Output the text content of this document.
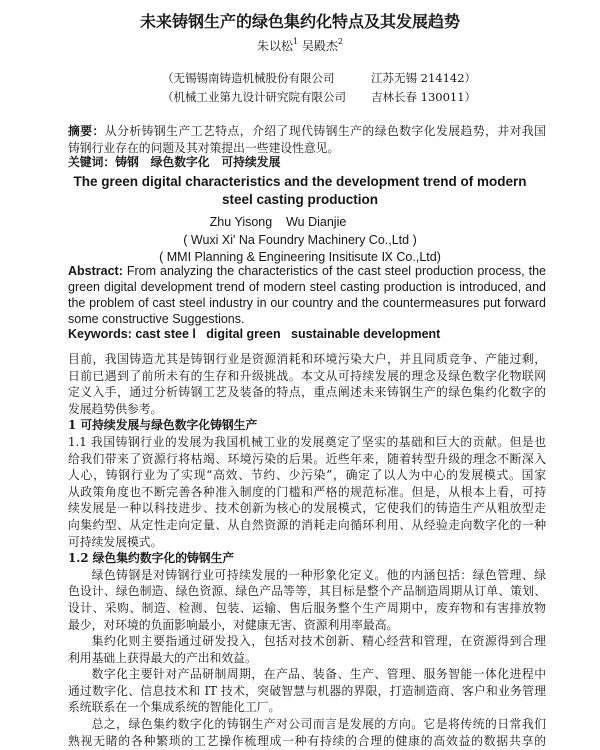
未来铸钢生产的绿色集约化特点及其发展趋势
朱以松$^1$ 吴殿杰$^2$
（无锡锡南铸造机械股份有限公司	江苏无锡 214142）
（机械工业第九设计研究院有限公司 吉林长春 130011）
摘要：从分析铸钢生产工艺特点，介绍了现代铸钢生产的绿色数字化发展趋势，并对我国
铸钢行业存在的问题及其对策提出一些建设性意见。
关键词：铸钢　绿色数字化　可持续发展
The green digital characteristics and the development trend of modern
steel casting production
Zhu Yisong    Wu Dianjie
( Wuxi Xi' Na Foundry Machinery Co.,Ltd )
( MMI Planning & Engineering Insitisute Ⅸ Co.,Ltd)
Abstract: From analyzing the characteristics of the cast steel production process, the
green digital development trend of modern steel casting production is introduced, and
the problem of cast steel industry in our country and the countermeasures put forward
some constructive Suggestions.
Keywords: cast stee l   digital green   sustainable development
目前，我国铸造尤其是铸钢行业是资源消耗和环境污染大户，并且同质竞争、产能过剩，
日前已遇到了前所未有的生存和升级挑战。本文从可持续发展的理念及绿色数字化物联网
定义入手，通过分析铸钢工艺及装备的特点，重点阐述未来铸钢生产的绿色集约化数字的
发展趋势供参考。
1 可持续发展与绿色数字化铸钢生产
1.1 我国铸钢行业的发展为我国机械工业的发展奠定了坚实的基础和巨大的贡献。但是也
给我们带来了资源行将枯竭、环境污染的后果。近些年来，随着转型升级的理念不断深入
人心，铸钢行业为了实现“高效、节约、少污染”，确定了以人为中心的发展模式。国家
从政策角度也不断完善各种准入制度的门槛和严格的规范标准。但是，从根本上看，可持
续发展是一种以科技进步、技术创新为核心的发展模式，它使我们的铸造生产从粗放型走
向集约型、从定性走向定量、从自然资源的消耗走向循环利用、从经验走向数字化的一种
可持续发展模式。
1.2 绿色集约数字化的铸钢生产
绿色铸钢是对铸钢行业可持续发展的一种形象化定义。他的内涵包括：绿色管理、绿
色设计、绿色制造、绿色资源、绿色产品等等，其目标是整个产品制造周期从订单、策划、
设计、采购、制造、检测、包装、运输、售后服务整个生产周期中，废弃物和有害排放物
最少，对环境的负面影响最小，对健康无害、资源利用率最高。
集约化则主要指通过研发投入，包括对技术创新、精心经营和管理，在资源得到合理
利用基础上获得最大的产出和效益。
数字化主要针对产品研制周期，在产品、装备、生产、管理、服务智能一体化进程中
通过数字化、信息技术和 IT 技术，突破智慧与机器的界限，打造制造商、客户和业务管理
系统联系在一个集成系统的智能化工厂。
总之，绿色集约数字化的铸钢生产对公司而言是发展的方向。它是将传统的日常我们
熟视无睹的各种繁琐的工艺操作梳理成一种有持续的合理的健康的高效益的数据共享的
